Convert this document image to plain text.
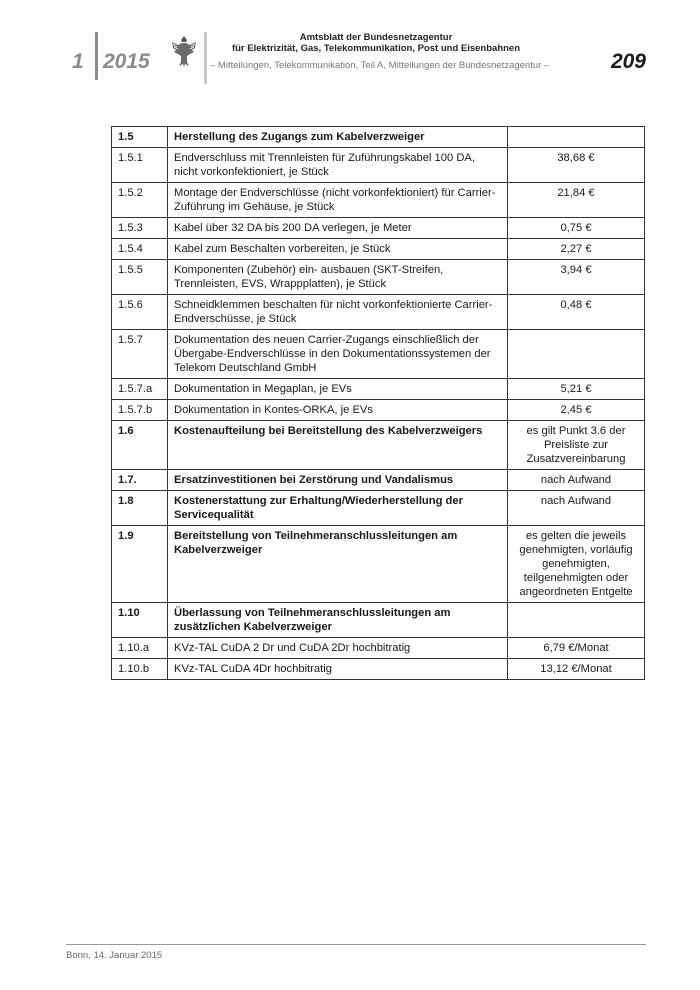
1 2015
Amtsblatt der Bundesnetzagentur
für Elektrizität, Gas, Telekommunikation, Post und Eisenbahnen
– Mitteilungen, Telekommunikation, Teil A, Mitteilungen der Bundesnetzagentur –	209
1.5	Herstellung des Zugangs zum Kabelverzweiger	
1.5.1	Endverschluss mit Trennleisten für Zuführungskabel 100 DA, nicht vorkonfektioniert, je Stück	38,68 €
1.5.2	Montage der Endverschlüsse (nicht vorkonfektioniert) für Carrier-Zuführung im Gehäuse, je Stück	21,84 €
1.5.3	Kabel über 32 DA bis 200 DA verlegen, je Meter	0,75 €
1.5.4	Kabel zum Beschalten vorbereiten, je Stück	2,27 €
1.5.5	Komponenten (Zubehör) ein- ausbauen (SKT-Streifen, Trennleisten, EVS, Wrappplatten), je Stück	3,94 €
1.5.6	Schneidklemmen beschalten für nicht vorkonfektionierte Carrier-Endverschüsse, je Stück	0,48 €
1.5.7	Dokumentation des neuen Carrier-Zugangs einschließlich der Übergabe-Endverschlüsse in den Dokumentationssystemen der Telekom Deutschland GmbH	
1.5.7.a	Dokumentation in Megaplan, je EVs	5,21 €
1.5.7.b	Dokumentation in Kontes-ORKA, je EVs	2,45 €
1.6	Kostenaufteilung bei Bereitstellung des Kabelverzweigers	es gilt Punkt 3.6 der Preisliste zur Zusatzvereinbarung
1.7.	Ersatzinvestitionen bei Zerstörung und Vandalismus	nach Aufwand
1.8	Kostenerstattung zur Erhaltung/Wiederherstellung der Servicequalität	nach Aufwand
1.9	Bereitstellung von Teilnehmeranschlussleitungen am Kabelverzweiger	es gelten die jeweils genehmigten, vorläufig genehmigten, teilgenehmigten oder angeordneten Entgelte
1.10	Überlassung von Teilnehmeranschlussleitungen am zusätzlichen Kabelverzweiger	
1.10.a	KVz-TAL CuDA 2 Dr und CuDA 2Dr hochbitratig	6,79 €/Monat
1.10.b	KVz-TAL CuDA 4Dr hochbitratig	13,12 €/Monat
Bonn, 14. Januar 2015
